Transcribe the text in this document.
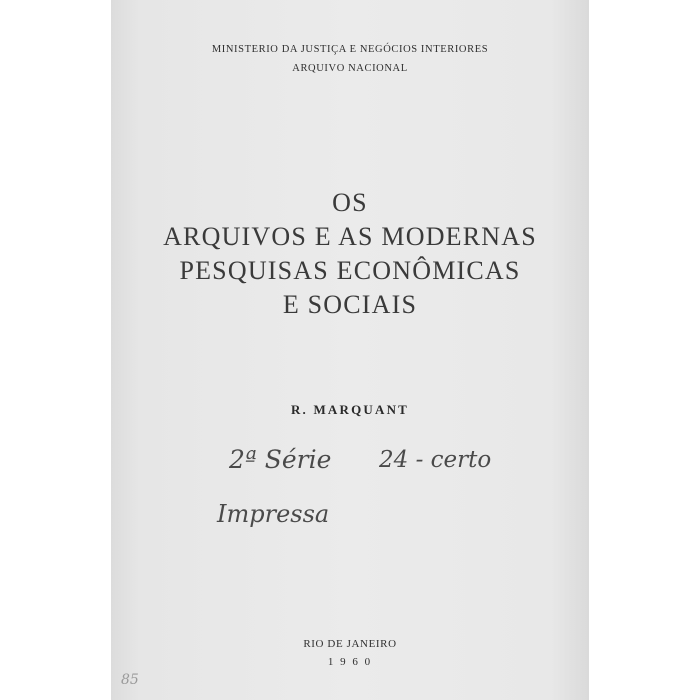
MINISTERIO DA JUSTIÇA E NEGÓCIOS INTERIORES
ARQUIVO NACIONAL
OS
ARQUIVOS E AS MODERNAS
PESQUISAS ECONÔMICAS
E SOCIAIS
R. MARQUANT
2ª Série 24 - certo
Impressa
RIO DE JANEIRO
1 9 6 0
85
